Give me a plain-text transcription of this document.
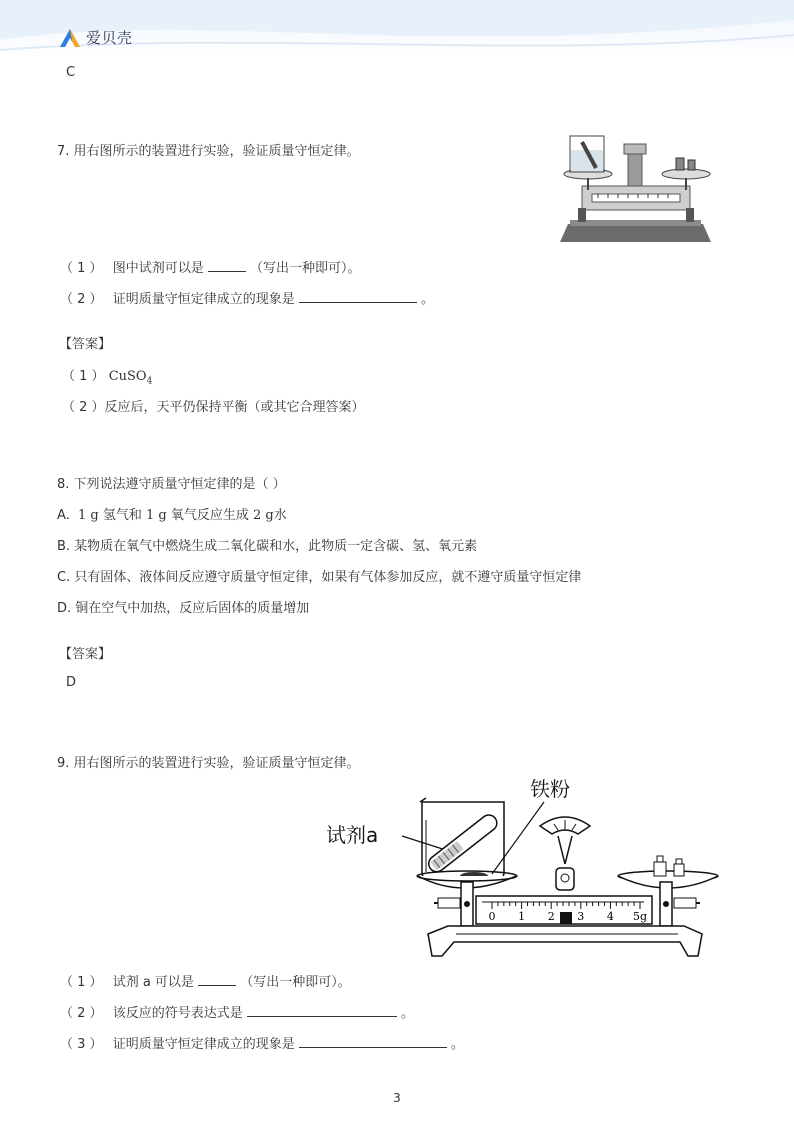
爱贝壳
C
7. 用右图所示的装置进行实验，验证质量守恒定律。
（ 1 ） 图中试剂可以是	（写出一种即可）。
（ 2 ） 证明质量守恒定律成立的现象是	。
【答案】
（ 1 ） CuSO$_4$
（ 2 ）反应后，天平仍保持平衡（或其它合理答案）
8. 下列说法遵守质量守恒定律的是（ ）
A. 1 g 氢气和 1 g 氧气反应生成 2 g水
B. 某物质在氧气中燃烧生成二氧化碳和水，此物质一定含碳、氢、氧元素
C. 只有固体、液体间反应遵守质量守恒定律，如果有气体参加反应，就不遵守质量守恒定律
D. 铜在空气中加热，反应后固体的质量增加
【答案】
D
9. 用右图所示的装置进行实验，验证质量守恒定律。
铁粉
试剂a
0 1 2 3 4 5g
（ 1 ） 试剂 a 可以是	（写出一种即可）。
（ 2 ） 该反应的符号表达式是	。
（ 3 ） 证明质量守恒定律成立的现象是	。
3
